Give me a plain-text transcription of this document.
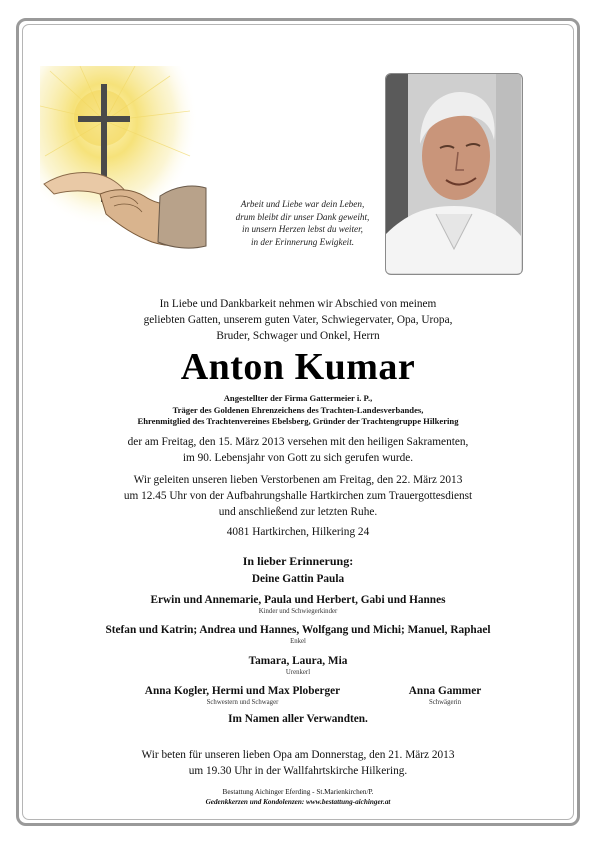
Arbeit und Liebe war dein Leben,
drum bleibt dir unser Dank geweiht,
in unsern Herzen lebst du weiter,
in der Erinnerung Ewigkeit.
In Liebe und Dankbarkeit nehmen wir Abschied von meinem
geliebten Gatten, unserem guten Vater, Schwiegervater, Opa, Uropa,
Bruder, Schwager und Onkel, Herrn
Anton Kumar
Angestellter der Firma Gattermeier i. P.,
Träger des Goldenen Ehrenzeichens des Trachten-Landesverbandes,
Ehrenmitglied des Trachtenvereines Ebelsberg, Gründer der Trachtengruppe Hilkering
der am Freitag, den 15. März 2013 versehen mit den heiligen Sakramenten,
im 90. Lebensjahr von Gott zu sich gerufen wurde.
Wir geleiten unseren lieben Verstorbenen am Freitag, den 22. März 2013
um 12.45 Uhr von der Aufbahrungshalle Hartkirchen zum Trauergottesdienst
und anschließend zur letzten Ruhe.
4081 Hartkirchen, Hilkering 24
In lieber Erinnerung:
Deine Gattin Paula
Erwin und Annemarie, Paula und Herbert, Gabi und Hannes
Kinder und Schwiegerkinder
Stefan und Katrin; Andrea und Hannes, Wolfgang und Michi; Manuel, Raphael
Enkel
Tamara, Laura, Mia
Urenkerl
Anna Kogler, Hermi und Max Ploberger
Schwestern und Schwager
Anna Gammer
Schwägerin
Im Namen aller Verwandten.
Wir beten für unseren lieben Opa am Donnerstag, den 21. März 2013
um 19.30 Uhr in der Wallfahrtskirche Hilkering.
Bestattung Aichinger Eferding - St.Marienkirchen/P.
Gedenkkerzen und Kondolenzen: www.bestattung-aichinger.at
